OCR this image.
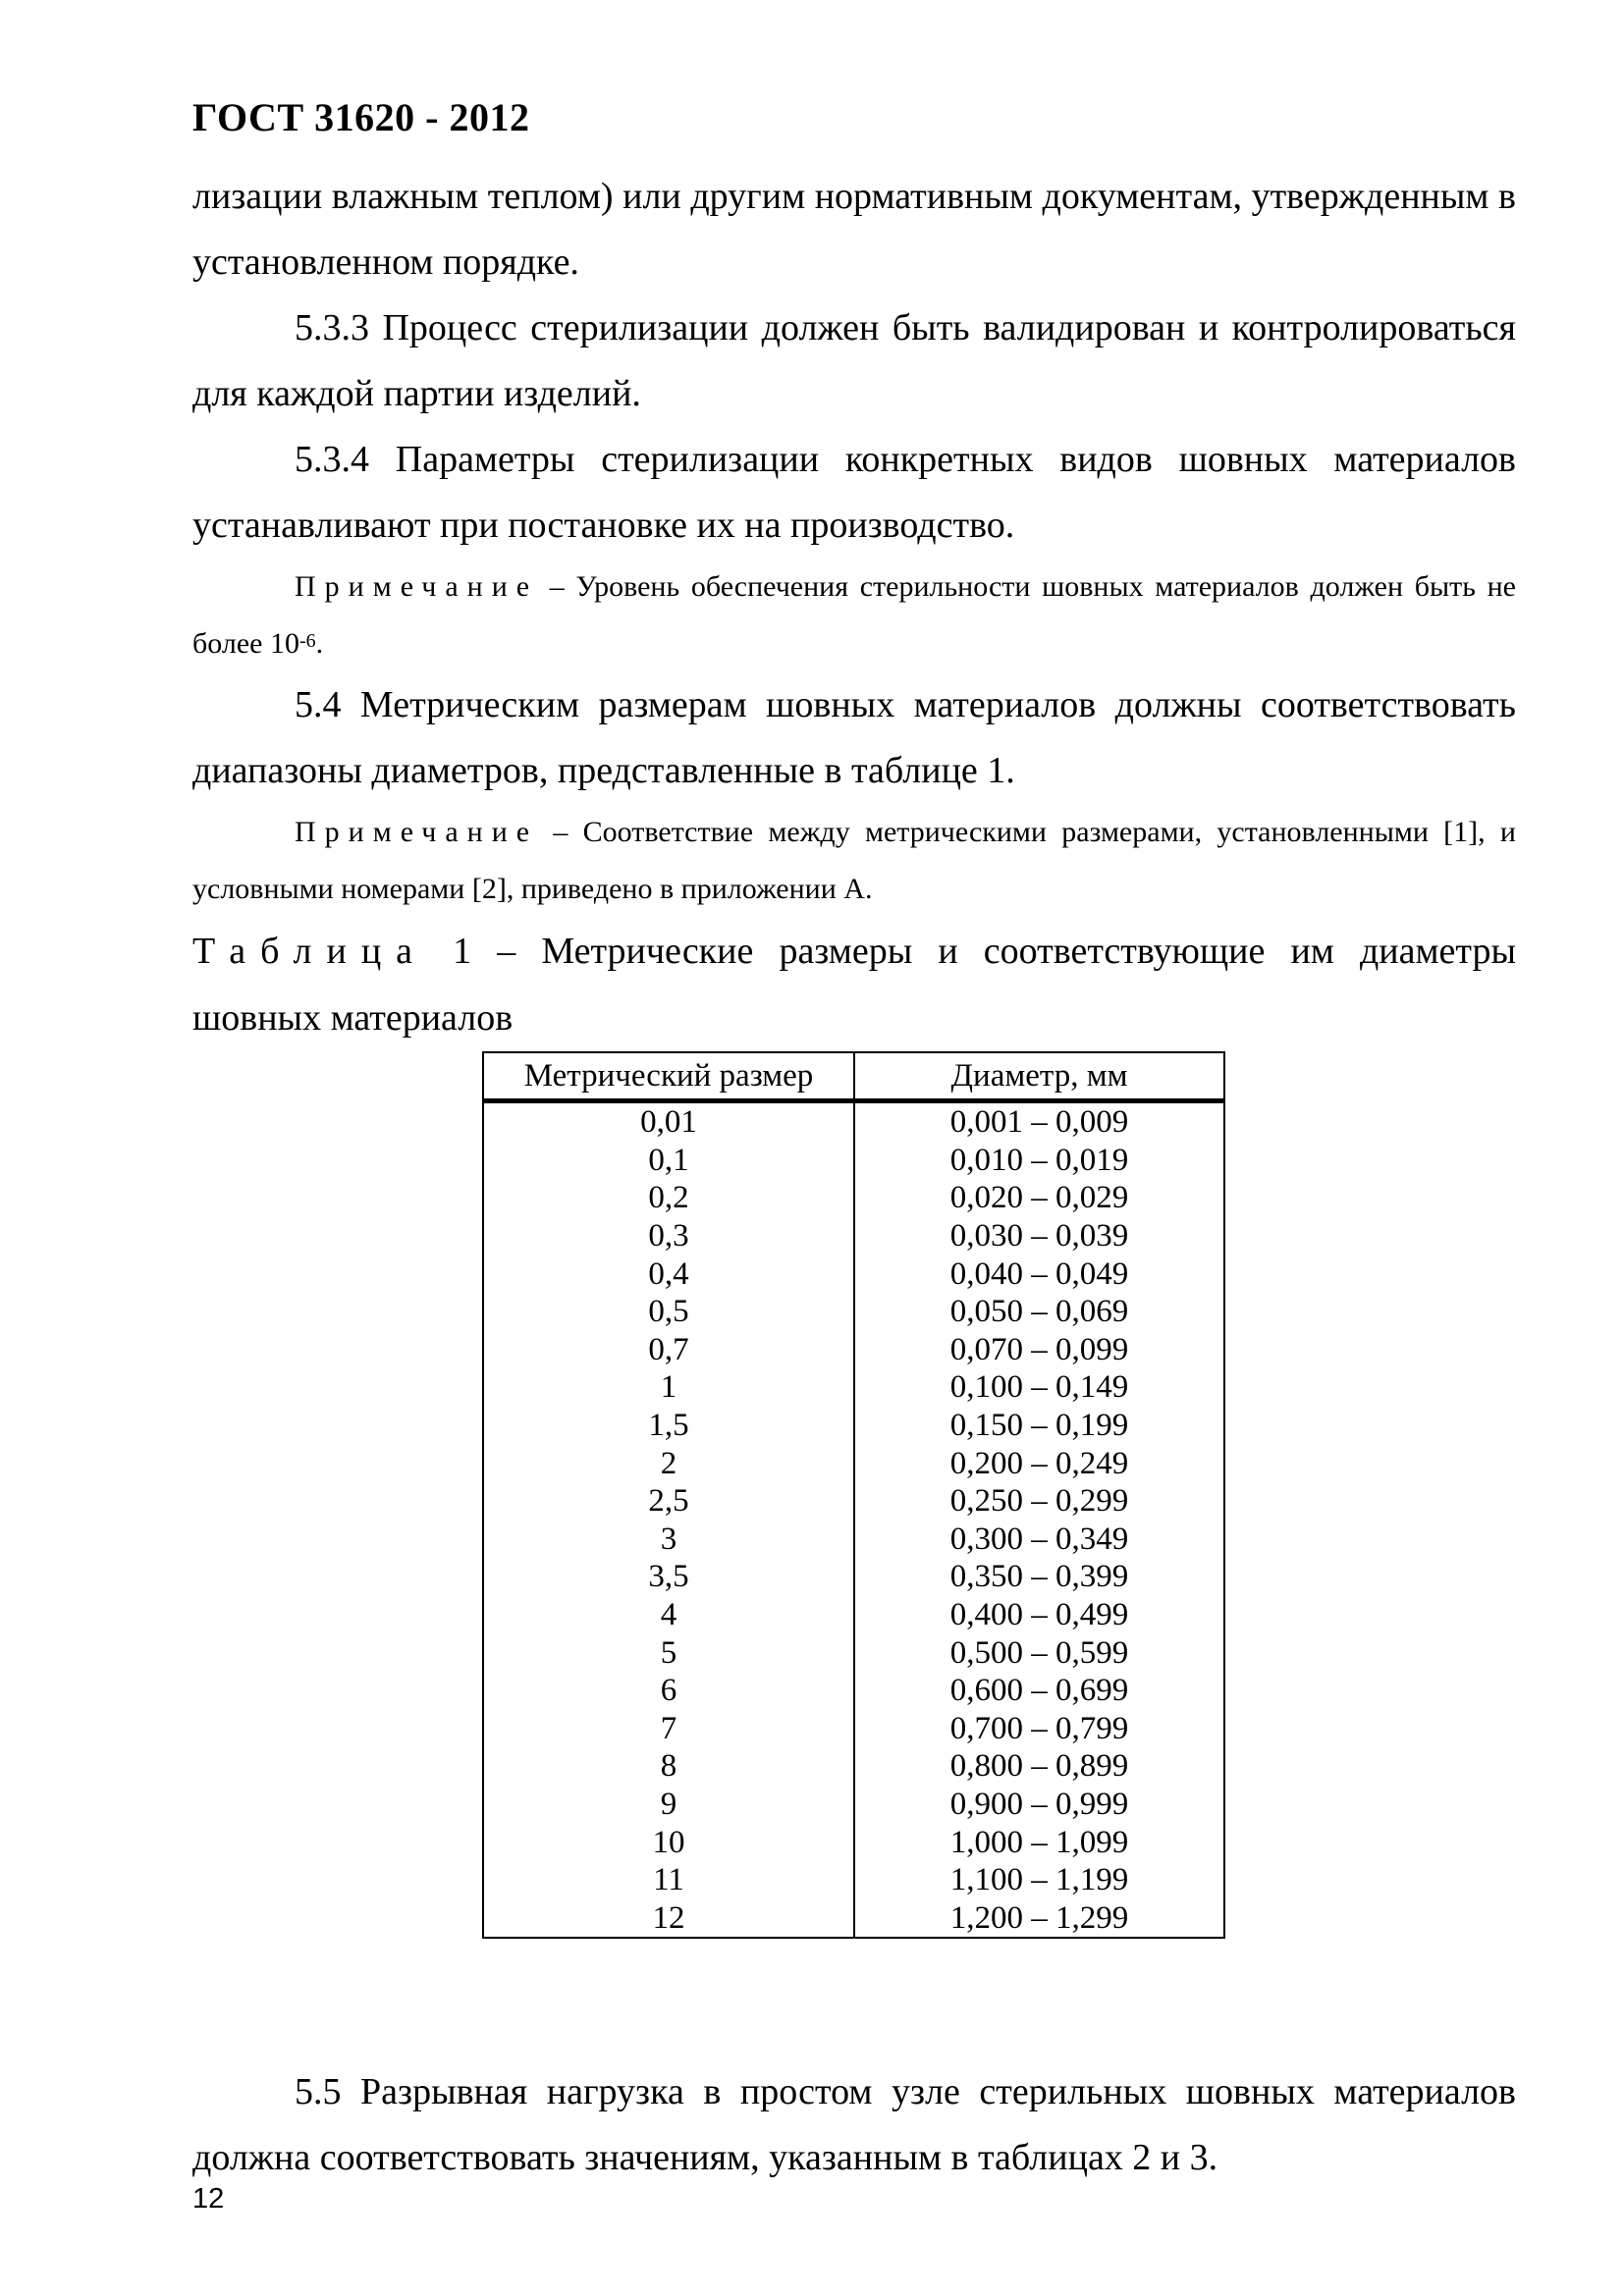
ГОСТ 31620 - 2012

лизации влажным теплом) или другим нормативным документам, утвержденным в установленном порядке.

5.3.3 Процесс стерилизации должен быть валидирован и контролироваться для каждой партии изделий.

5.3.4 Параметры стерилизации конкретных видов шовных материалов устанавливают при постановке их на производство.

Примечание – Уровень обеспечения стерильности шовных материалов должен быть не более $10^{-6}$.

5.4 Метрическим размерам шовных материалов должны соответствовать диапазоны диаметров, представленные в таблице 1.

Примечание – Соответствие между метрическими размерами, установленными [1], и условными номерами [2], приведено в приложении А.

Таблица 1 – Метрические размеры и соответствующие им диаметры шовных материалов

Метрический размер	Диаметр, мм
0,01	0,001 – 0,009
0,1	0,010 – 0,019
0,2	0,020 – 0,029
0,3	0,030 – 0,039
0,4	0,040 – 0,049
0,5	0,050 – 0,069
0,7	0,070 – 0,099
1	0,100 – 0,149
1,5	0,150 – 0,199
2	0,200 – 0,249
2,5	0,250 – 0,299
3	0,300 – 0,349
3,5	0,350 – 0,399
4	0,400 – 0,499
5	0,500 – 0,599
6	0,600 – 0,699
7	0,700 – 0,799
8	0,800 – 0,899
9	0,900 – 0,999
10	1,000 – 1,099
11	1,100 – 1,199
12	1,200 – 1,299

5.5 Разрывная нагрузка в простом узле стерильных шовных материалов должна соответствовать значениям, указанным в таблицах 2 и 3.

12
